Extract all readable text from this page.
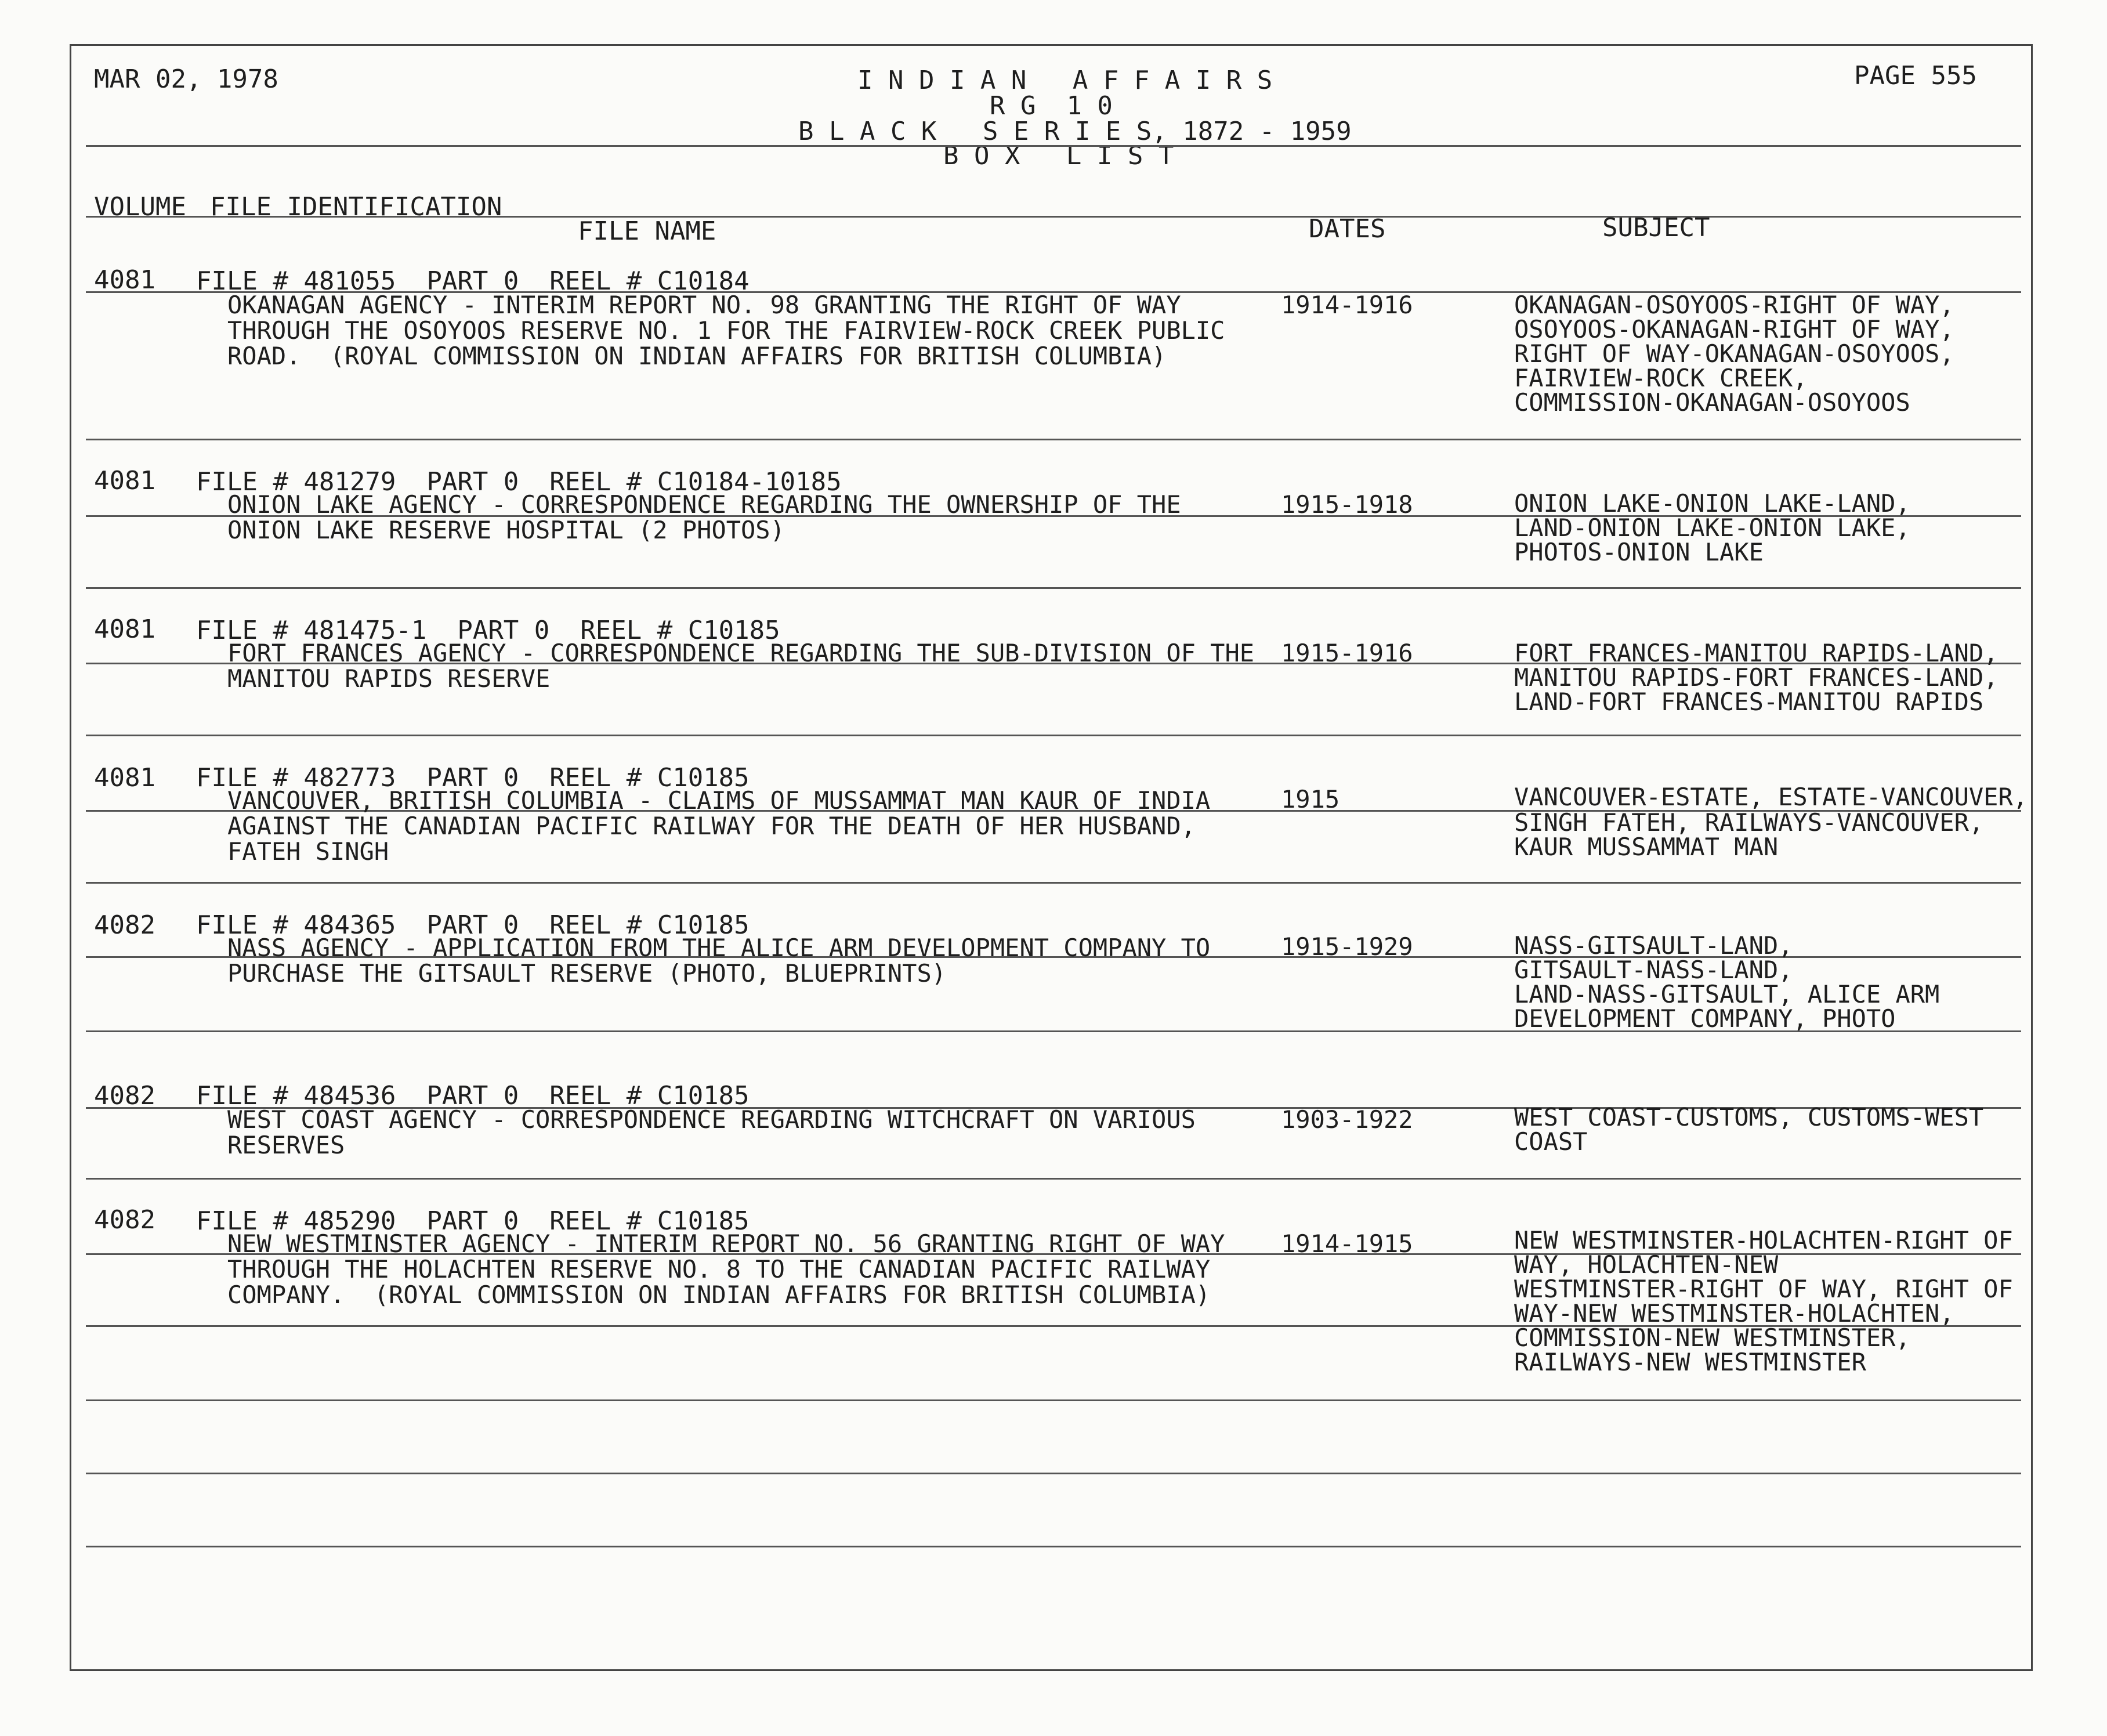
MAR 02, 1978	PAGE 555
I N D I A N   A F F A I R S
R G  1 0
B L A C K   S E R I E S, 1872 - 1959
B O X   L I S T
VOLUME FILE IDENTIFICATION
FILE NAME	DATES	SUBJECT
4081 FILE # 481055  PART 0  REEL # C10184
OKANAGAN AGENCY - INTERIM REPORT NO. 98 GRANTING THE RIGHT OF WAY
THROUGH THE OSOYOOS RESERVE NO. 1 FOR THE FAIRVIEW-ROCK CREEK PUBLIC
ROAD.  (ROYAL COMMISSION ON INDIAN AFFAIRS FOR BRITISH COLUMBIA)
1914-1916	OKANAGAN-OSOYOOS-RIGHT OF WAY,
OSOYOOS-OKANAGAN-RIGHT OF WAY,
RIGHT OF WAY-OKANAGAN-OSOYOOS,
FAIRVIEW-ROCK CREEK,
COMMISSION-OKANAGAN-OSOYOOS
4081 FILE # 481279  PART 0  REEL # C10184-10185
ONION LAKE AGENCY - CORRESPONDENCE REGARDING THE OWNERSHIP OF THE
ONION LAKE RESERVE HOSPITAL (2 PHOTOS)
1915-1918	ONION LAKE-ONION LAKE-LAND,
LAND-ONION LAKE-ONION LAKE,
PHOTOS-ONION LAKE
4081 FILE # 481475-1  PART 0  REEL # C10185
FORT FRANCES AGENCY - CORRESPONDENCE REGARDING THE SUB-DIVISION OF THE
MANITOU RAPIDS RESERVE
1915-1916	FORT FRANCES-MANITOU RAPIDS-LAND,
MANITOU RAPIDS-FORT FRANCES-LAND,
LAND-FORT FRANCES-MANITOU RAPIDS
4081 FILE # 482773  PART 0  REEL # C10185
VANCOUVER, BRITISH COLUMBIA - CLAIMS OF MUSSAMMAT MAN KAUR OF INDIA
AGAINST THE CANADIAN PACIFIC RAILWAY FOR THE DEATH OF HER HUSBAND,
FATEH SINGH
1915	VANCOUVER-ESTATE, ESTATE-VANCOUVER,
SINGH FATEH, RAILWAYS-VANCOUVER,
KAUR MUSSAMMAT MAN
4082 FILE # 484365  PART 0  REEL # C10185
NASS AGENCY - APPLICATION FROM THE ALICE ARM DEVELOPMENT COMPANY TO
PURCHASE THE GITSAULT RESERVE (PHOTO, BLUEPRINTS)
1915-1929	NASS-GITSAULT-LAND,
GITSAULT-NASS-LAND,
LAND-NASS-GITSAULT, ALICE ARM
DEVELOPMENT COMPANY, PHOTO
4082 FILE # 484536  PART 0  REEL # C10185
WEST COAST AGENCY - CORRESPONDENCE REGARDING WITCHCRAFT ON VARIOUS
RESERVES
1903-1922	WEST COAST-CUSTOMS, CUSTOMS-WEST
COAST
4082 FILE # 485290  PART 0  REEL # C10185
NEW WESTMINSTER AGENCY - INTERIM REPORT NO. 56 GRANTING RIGHT OF WAY
THROUGH THE HOLACHTEN RESERVE NO. 8 TO THE CANADIAN PACIFIC RAILWAY
COMPANY.  (ROYAL COMMISSION ON INDIAN AFFAIRS FOR BRITISH COLUMBIA)
1914-1915	NEW WESTMINSTER-HOLACHTEN-RIGHT OF
WAY, HOLACHTEN-NEW
WESTMINSTER-RIGHT OF WAY, RIGHT OF
WAY-NEW WESTMINSTER-HOLACHTEN,
COMMISSION-NEW WESTMINSTER,
RAILWAYS-NEW WESTMINSTER
